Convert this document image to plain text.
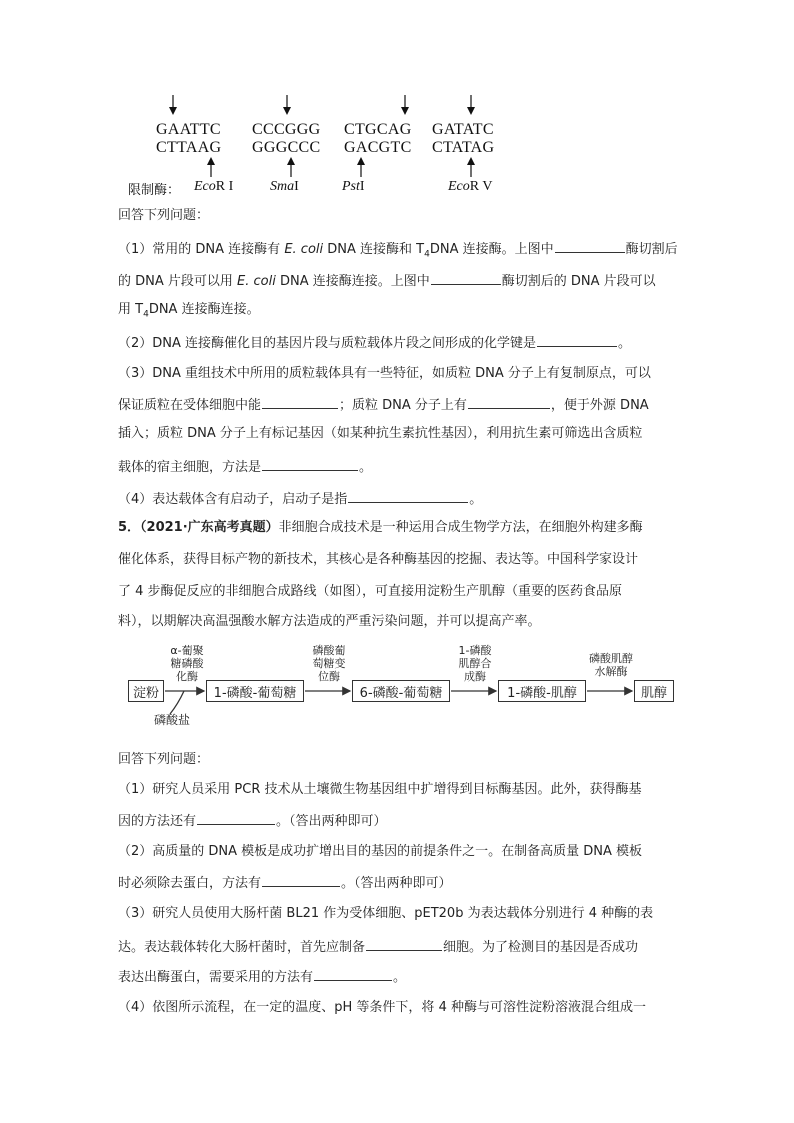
GAATTC
CTTAAG
CCCGGG
GGGCCC
CTGCAG
GACGTC
GATATC
CTATAG
限制酶： EcoR I	SmaI	PstI	EcoR V
回答下列问题：
（1）常用的 DNA 连接酶有 E. coli DNA 连接酶和 $T_4DNA$ 连接酶。上图中	酶切割后
的 DNA 片段可以用 E. coli DNA 连接酶连接。上图中	酶切割后的 DNA 片段可以
用 $T_4DNA$ 连接酶连接。
（2）DNA 连接酶催化目的基因片段与质粒载体片段之间形成的化学键是	。
（3）DNA 重组技术中所用的质粒载体具有一些特征，如质粒 DNA 分子上有复制原点，可以
保证质粒在受体细胞中能	；质粒 DNA 分子上有	，便于外源 DNA
插入；质粒 DNA 分子上有标记基因（如某种抗生素抗性基因），利用抗生素可筛选出含质粒
载体的宿主细胞，方法是	。
（4）表达载体含有启动子，启动子是指	。
5．（2021·广东高考真题）非细胞合成技术是一种运用合成生物学方法，在细胞外构建多酶
催化体系，获得目标产物的新技术，其核心是各种酶基因的挖掘、表达等。中国科学家设计
了 4 步酶促反应的非细胞合成路线（如图），可直接用淀粉生产肌醇（重要的医药食品原
料），以期解决高温强酸水解方法造成的严重污染问题，并可以提高产率。
淀粉	1-磷酸-葡萄糖	6-磷酸-葡萄糖	1-磷酸-肌醇	肌醇
α-葡聚
糖磷酸
化酶
磷酸葡
萄糖变
位酶
1-磷酸
肌醇合
成酶
磷酸肌醇
水解酶
磷酸盐
回答下列问题：
（1）研究人员采用 PCR 技术从土壤微生物基因组中扩增得到目标酶基因。此外，获得酶基
因的方法还有	。（答出两种即可）
（2）高质量的 DNA 模板是成功扩增出目的基因的前提条件之一。在制备高质量 DNA 模板
时必须除去蛋白，方法有	。（答出两种即可）
（3）研究人员使用大肠杆菌 BL21 作为受体细胞、pET20b 为表达载体分别进行 4 种酶的表
达。表达载体转化大肠杆菌时，首先应制备	细胞。为了检测目的基因是否成功
表达出酶蛋白，需要采用的方法有	。
（4）依图所示流程，在一定的温度、pH 等条件下，将 4 种酶与可溶性淀粉溶液混合组成一
